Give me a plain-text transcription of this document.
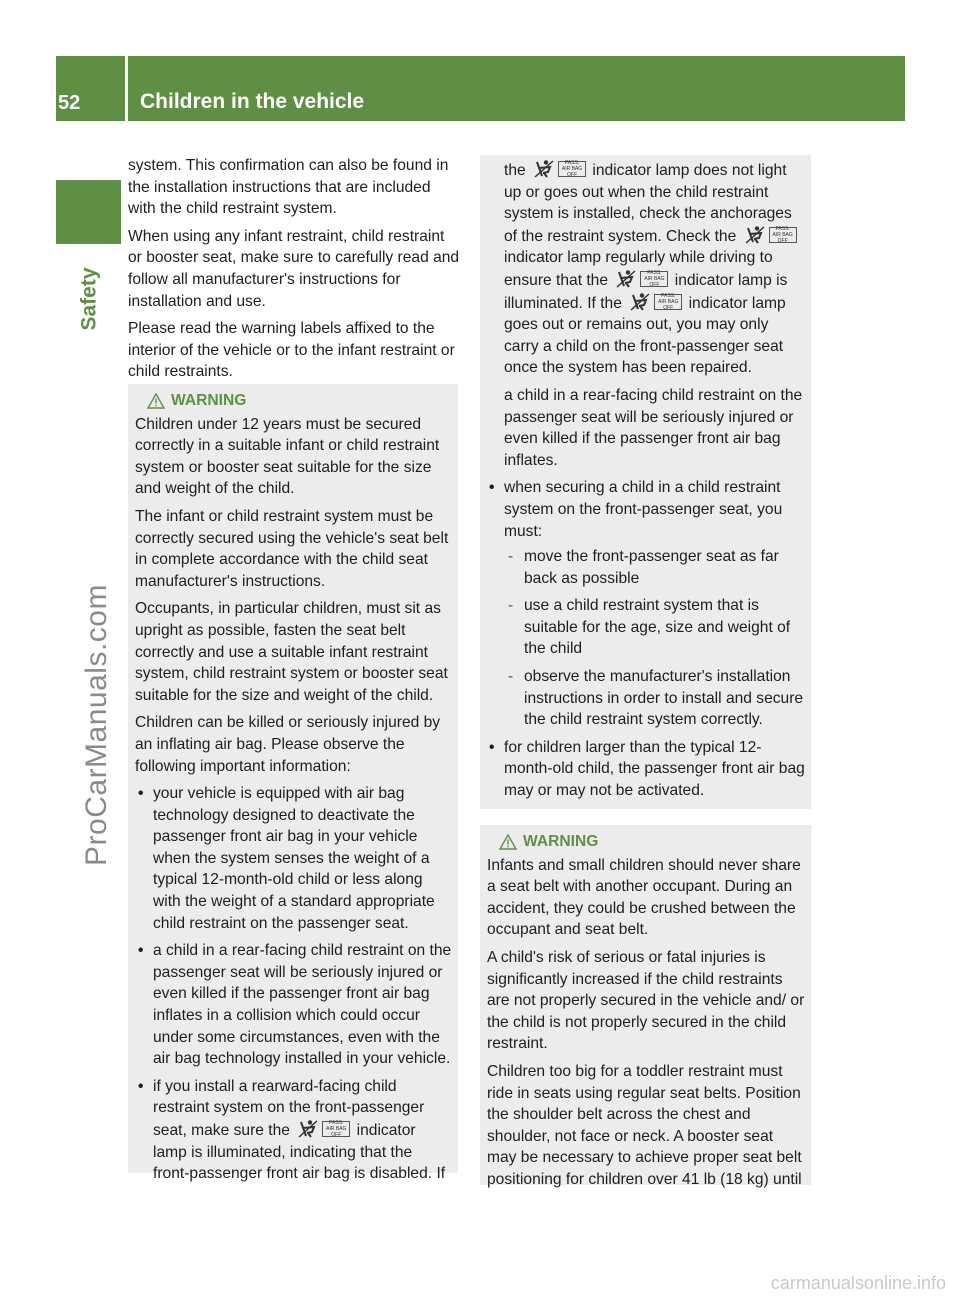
52	Children in the vehicle
Safety
ProCarManuals.com
carmanualsonline.info

system. This confirmation can also be found in the installation instructions that are included with the child restraint system.

When using any infant restraint, child restraint or booster seat, make sure to carefully read and follow all manufacturer's instructions for installation and use.

Please read the warning labels affixed to the interior of the vehicle or to the infant restraint or child restraints.

WARNING

Children under 12 years must be secured correctly in a suitable infant or child restraint system or booster seat suitable for the size and weight of the child.

The infant or child restraint system must be correctly secured using the vehicle's seat belt in complete accordance with the child seat manufacturer's instructions.

Occupants, in particular children, must sit as upright as possible, fasten the seat belt correctly and use a suitable infant restraint system, child restraint system or booster seat suitable for the size and weight of the child.

Children can be killed or seriously injured by an inflating air bag. Please observe the following important information:

• your vehicle is equipped with air bag technology designed to deactivate the passenger front air bag in your vehicle when the system senses the weight of a typical 12-month-old child or less along with the weight of a standard appropriate child restraint on the passenger seat.
• a child in a rear-facing child restraint on the passenger seat will be seriously injured or even killed if the passenger front air bag inflates in a collision which could occur under some circumstances, even with the air bag technology installed in your vehicle.
• if you install a rearward-facing child restraint system on the front-passenger seat, make sure the	PASS.
AIR BAG OFF indicator lamp is illuminated, indicating that the front-passenger front air bag is disabled. If

the	PASS.
AIR BAG OFF indicator lamp does not light up or goes out when the child restraint system is installed, check the anchorages of the restraint system. Check the	PASS.
AIR BAG OFF
indicator lamp regularly while driving to ensure that the	PASS.
AIR BAG OFF indicator lamp is illuminated. If the	PASS.
AIR BAG OFF indicator lamp goes out or remains out, you may only carry a child on the front-passenger seat once the system has been repaired.

a child in a rear-facing child restraint on the passenger seat will be seriously injured or even killed if the passenger front air bag inflates.

• when securing a child in a child restraint system on the front-passenger seat, you must:
- move the front-passenger seat as far back as possible
- use a child restraint system that is suitable for the age, size and weight of the child
- observe the manufacturer's installation instructions in order to install and secure the child restraint system correctly.
• for children larger than the typical 12-month-old child, the passenger front air bag may or may not be activated.
WARNING

Infants and small children should never share a seat belt with another occupant. During an accident, they could be crushed between the occupant and seat belt.

A child's risk of serious or fatal injuries is significantly increased if the child restraints are not properly secured in the vehicle and/ or the child is not properly secured in the child restraint.

Children too big for a toddler restraint must ride in seats using regular seat belts. Position the shoulder belt across the chest and shoulder, not face or neck. A booster seat may be necessary to achieve proper seat belt positioning for children over 41 lb (18 kg) until
